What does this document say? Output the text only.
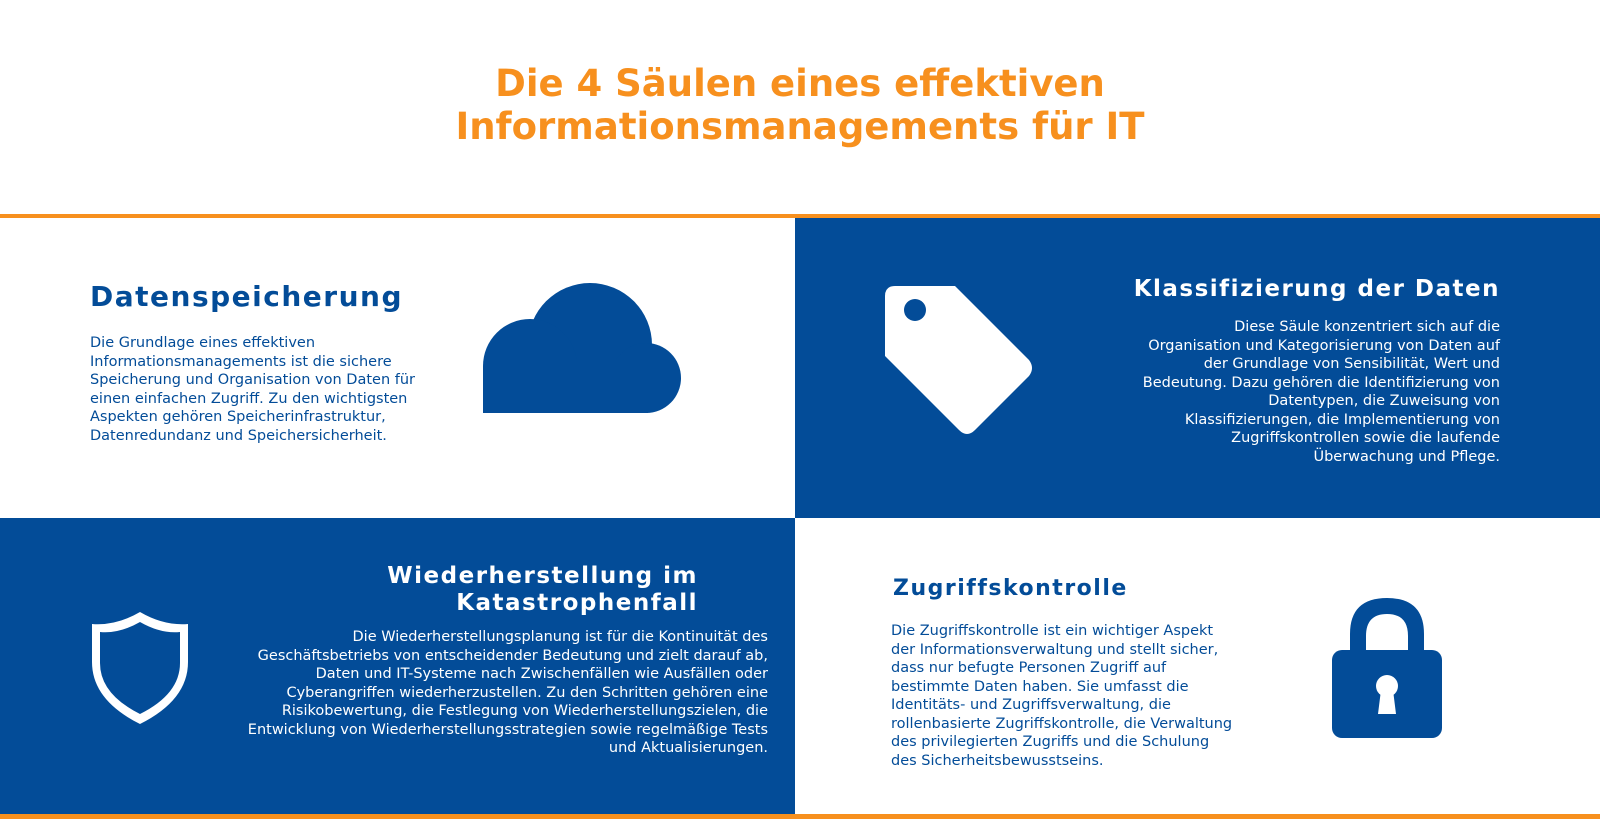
Die 4 Säulen eines effektiven
Informationsmanagements für IT
Datenspeicherung

Die Grundlage eines effektiven Informationsmanagements ist die sichere Speicherung und Organisation von Daten für einen einfachen Zugriff. Zu den wichtigsten Aspekten gehören Speicherinfrastruktur, Datenredundanz und Speichersicherheit.

Klassifizierung der Daten

Diese Säule konzentriert sich auf die Organisation und Kategorisierung von Daten auf der Grundlage von Sensibilität, Wert und Bedeutung. Dazu gehören die Identifizierung von Datentypen, die Zuweisung von Klassifizierungen, die Implementierung von Zugriffskontrollen sowie die laufende Überwachung und Pflege.

Wiederherstellung im
Katastrophenfall

Die Wiederherstellungsplanung ist für die Kontinuität des Geschäftsbetriebs von entscheidender Bedeutung und zielt darauf ab, Daten und IT-Systeme nach Zwischenfällen wie Ausfällen oder Cyberangriffen wiederherzustellen. Zu den Schritten gehören eine Risikobewertung, die Festlegung von Wiederherstellungszielen, die Entwicklung von Wiederherstellungsstrategien sowie regelmäßige Tests und Aktualisierungen.

Zugriffskontrolle

Die Zugriffskontrolle ist ein wichtiger Aspekt der Informationsverwaltung und stellt sicher, dass nur befugte Personen Zugriff auf bestimmte Daten haben. Sie umfasst die Identitäts- und Zugriffsverwaltung, die rollenbasierte Zugriffskontrolle, die Verwaltung des privilegierten Zugriffs und die Schulung des Sicherheitsbewusstseins.
